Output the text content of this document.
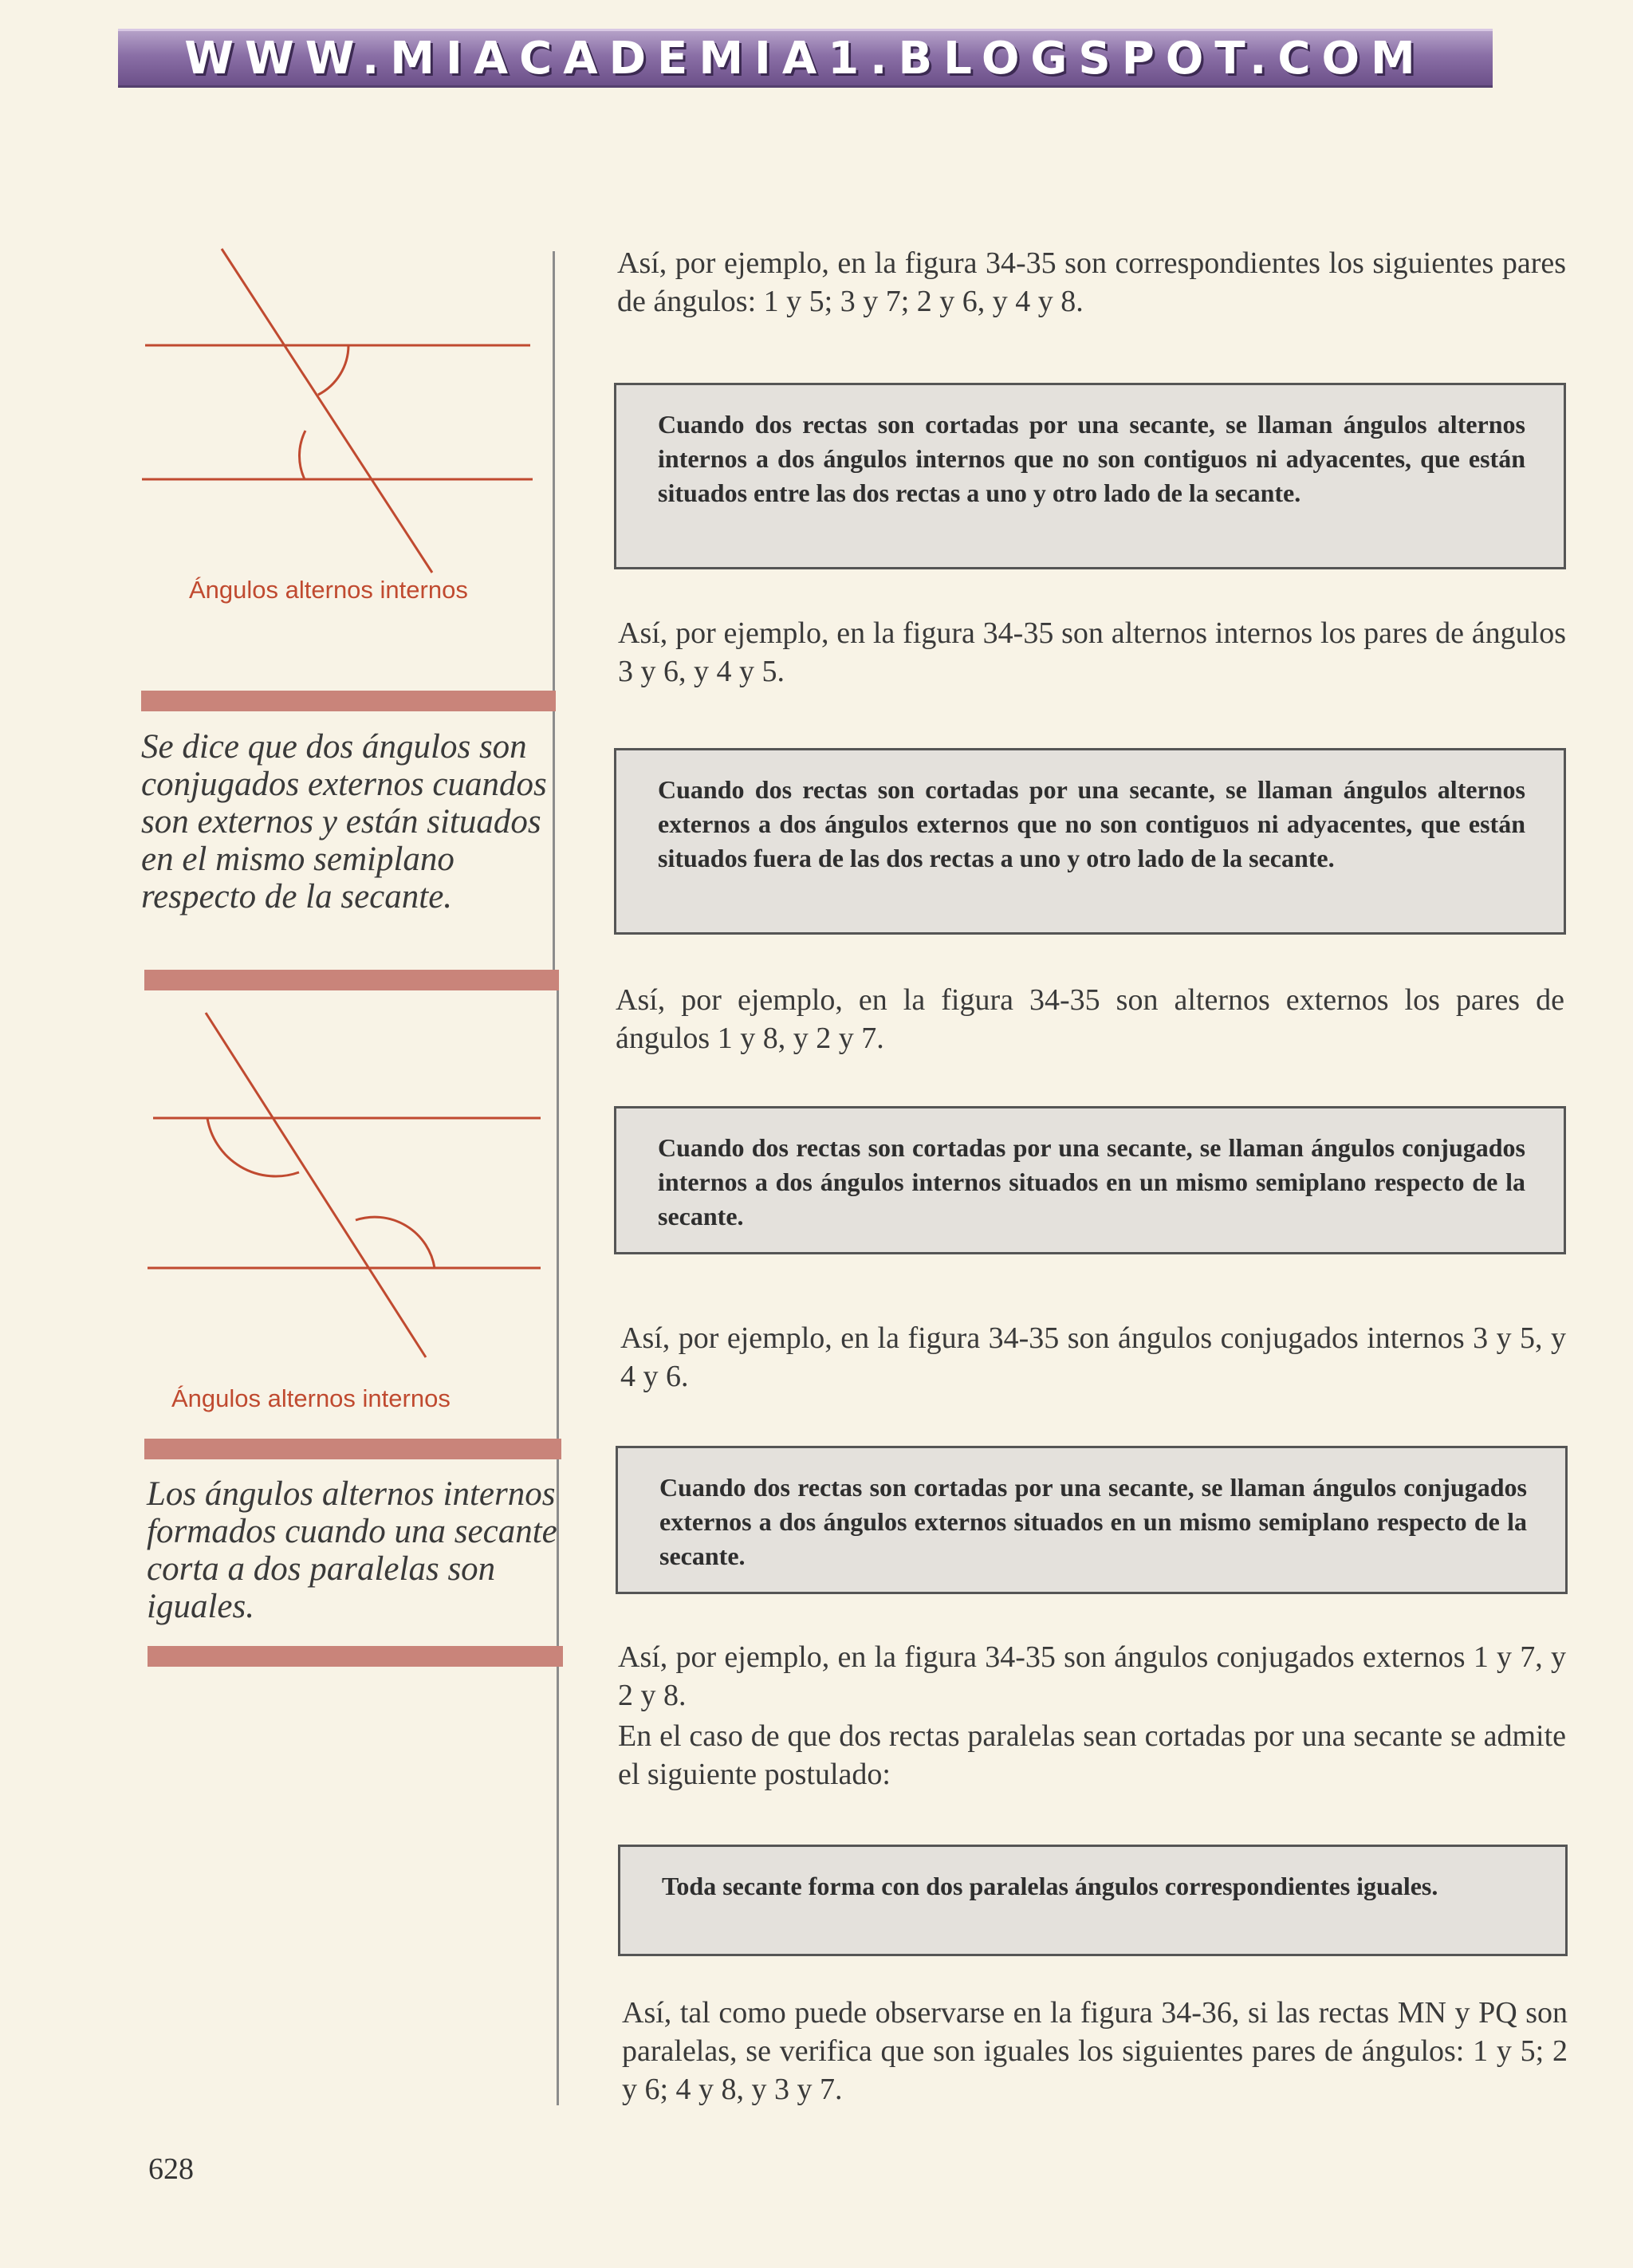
WWW.MIACADEMIA1.BLOGSPOT.COM
Ángulos alternos internos

Se dice que dos ángulos son conjugados externos cuandos son externos y están situados en el mismo semiplano respecto de la secante.

Ángulos alternos internos

Los ángulos alternos internos formados cuando una secante corta a dos paralelas son iguales.

Así, por ejemplo, en la figura 34-35 son correspondientes los siguientes pares de ángulos: 1 y 5; 3 y 7; 2 y 6, y 4 y 8.

Cuando dos rectas son cortadas por una secante, se llaman ángulos alternos internos a dos ángulos internos que no son contiguos ni adyacentes, que están situados entre las dos rectas a uno y otro lado de la secante.

Así, por ejemplo, en la figura 34-35 son alternos internos los pares de ángulos 3 y 6, y 4 y 5.

Cuando dos rectas son cortadas por una secante, se llaman ángulos alternos externos a dos ángulos externos que no son contiguos ni adyacentes, que están situados fuera de las dos rectas a uno y otro lado de la secante.

Así, por ejemplo, en la figura 34-35 son alternos externos los pares de ángulos 1 y 8, y 2 y 7.

Cuando dos rectas son cortadas por una secante, se llaman ángulos conjugados internos a dos ángulos internos situados en un mismo semiplano respecto de la secante.

Así, por ejemplo, en la figura 34-35 son ángulos conjugados internos 3 y 5, y 4 y 6.

Cuando dos rectas son cortadas por una secante, se llaman ángulos conjugados externos a dos ángulos externos situados en un mismo semiplano respecto de la secante.

Así, por ejemplo, en la figura 34-35 son ángulos conjugados externos 1 y 7, y 2 y 8.

En el caso de que dos rectas paralelas sean cortadas por una secante se admite el siguiente postulado:

Toda secante forma con dos paralelas ángulos correspondientes iguales.

Así, tal como puede observarse en la figura 34-36, si las rectas MN y PQ son paralelas, se verifica que son iguales los siguientes pares de ángulos: 1 y 5; 2 y 6; 4 y 8, y 3 y 7.

628
